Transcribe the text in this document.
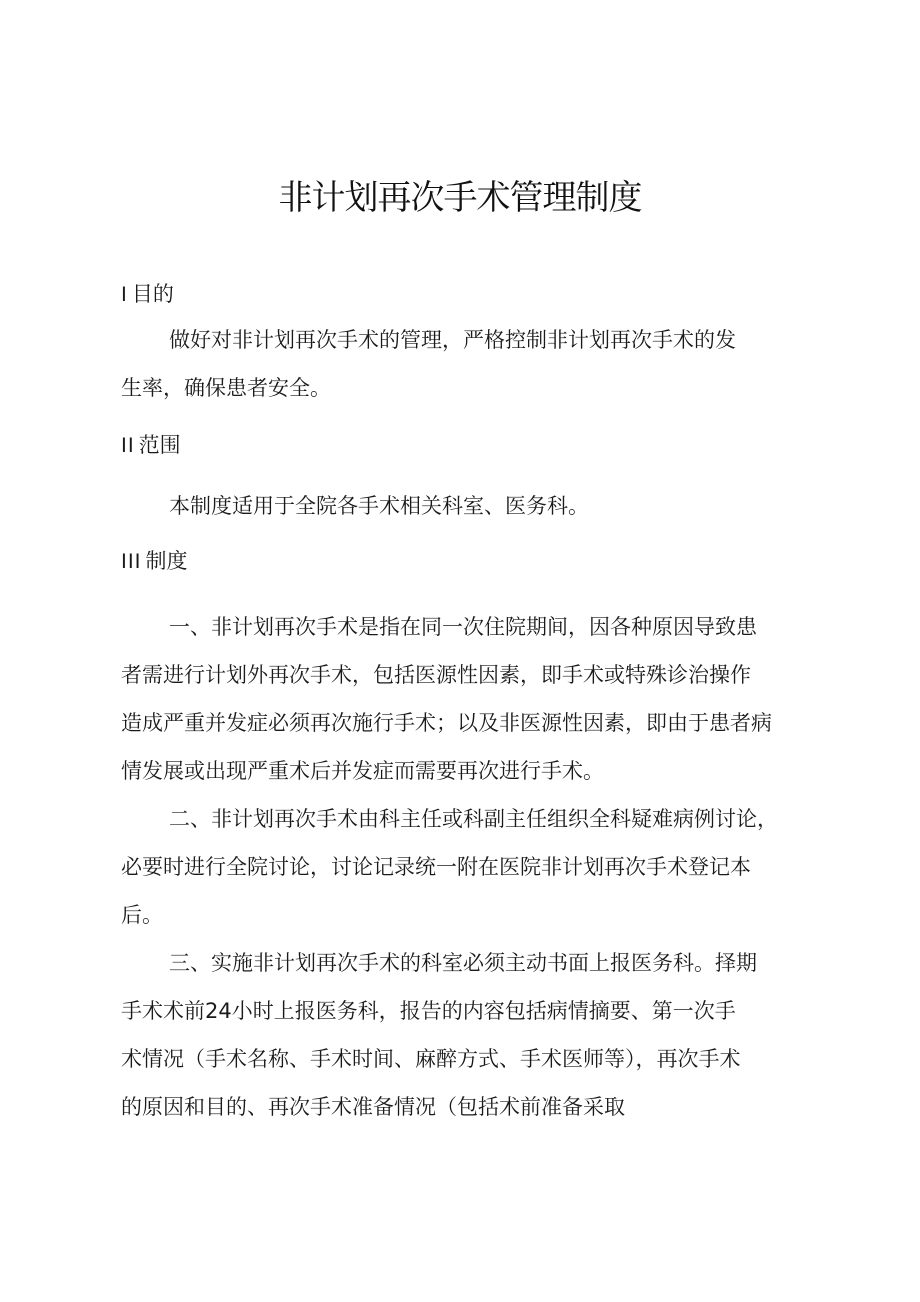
非计划再次手术管理制度
I 目的
做好对非计划再次手术的管理，严格控制非计划再次手术的发
生率，确保患者安全。
II 范围
本制度适用于全院各手术相关科室、医务科。
III 制度
一、非计划再次手术是指在同一次住院期间，因各种原因导致患
者需进行计划外再次手术，包括医源性因素，即手术或特殊诊治操作
造成严重并发症必须再次施行手术；以及非医源性因素，即由于患者病
情发展或出现严重术后并发症而需要再次进行手术。
二、非计划再次手术由科主任或科副主任组织全科疑难病例讨论，
必要时进行全院讨论，讨论记录统一附在医院非计划再次手术登记本
后。
三、实施非计划再次手术的科室必须主动书面上报医务科。择期
手术术前24小时上报医务科，报告的内容包括病情摘要、第一次手
术情况（手术名称、手术时间、麻醉方式、手术医师等），再次手术
的原因和目的、再次手术准备情况（包括术前准备采取
